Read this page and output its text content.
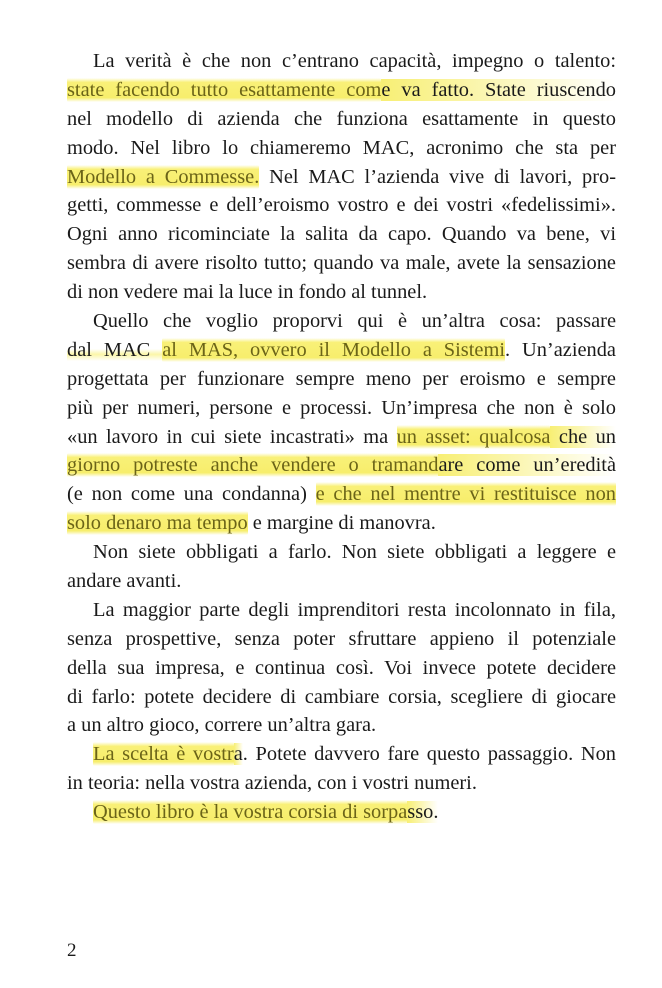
La verità è che non c’entrano capacità, impegno o talento:
state facendo tutto esattamente come va fatto. State riuscendo
nel modello di azienda che funziona esattamente in questo
modo. Nel libro lo chiameremo MAC, acronimo che sta per
Modello a Commesse. Nel MAC l’azienda vive di lavori, pro-
getti, commesse e dell’eroismo vostro e dei vostri «fedelissimi».
Ogni anno ricominciate la salita da capo. Quando va bene, vi
sembra di avere risolto tutto; quando va male, avete la sensazione
di non vedere mai la luce in fondo al tunnel.
Quello che voglio proporvi qui è un’altra cosa: passare
dal MAC al MAS, ovvero il Modello a Sistemi. Un’azienda
progettata per funzionare sempre meno per eroismo e sempre
più per numeri, persone e processi. Un’impresa che non è solo
«un lavoro in cui siete incastrati» ma un asset: qualcosa che un
giorno potreste anche vendere o tramandare come un’eredità
(e non come una condanna) e che nel mentre vi restituisce non
solo denaro ma tempo e margine di manovra.
Non siete obbligati a farlo. Non siete obbligati a leggere e
andare avanti.
La maggior parte degli imprenditori resta incolonnato in fila,
senza prospettive, senza poter sfruttare appieno il potenziale
della sua impresa, e continua così. Voi invece potete decidere
di farlo: potete decidere di cambiare corsia, scegliere di giocare
a un altro gioco, correre un’altra gara.
La scelta è vostra. Potete davvero fare questo passaggio. Non
in teoria: nella vostra azienda, con i vostri numeri.
Questo libro è la vostra corsia di sorpasso.
2
